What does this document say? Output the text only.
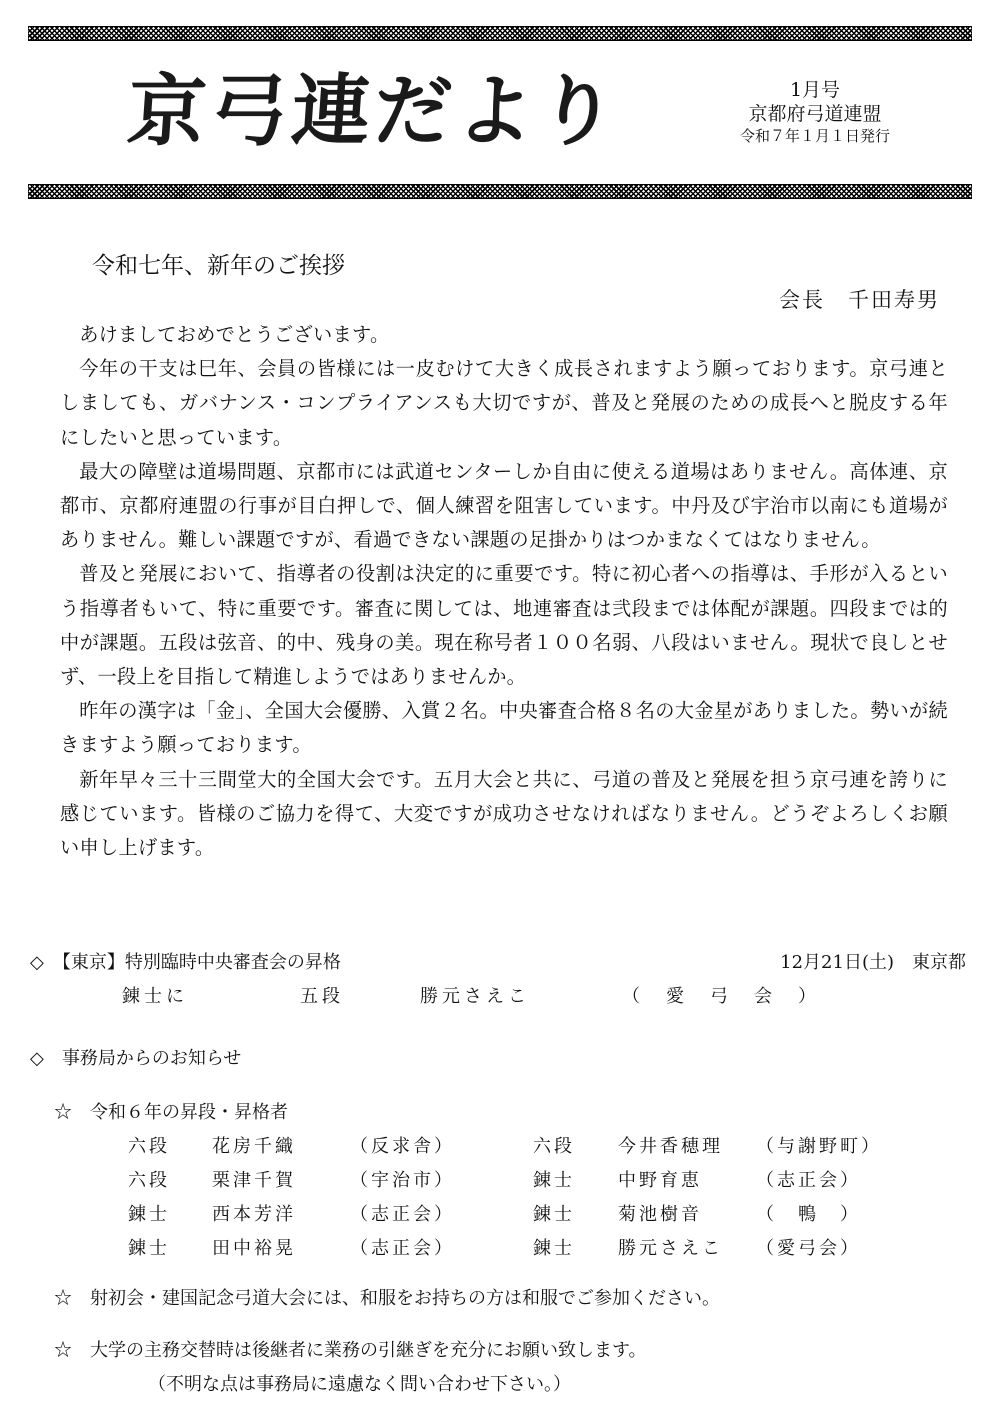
京弓連だより	1月号
京都府弓道連盟
令和７年１月１日発行
令和七年、新年のご挨拶
会長　千田寿男

あけましておめでとうございます。

今年の干支は巳年、会員の皆様には一皮むけて大きく成長されますよう願っております。京弓連としましても、ガバナンス・コンプライアンスも大切ですが、普及と発展のための成長へと脱皮する年にしたいと思っています。

最大の障壁は道場問題、京都市には武道センターしか自由に使える道場はありません。高体連、京都市、京都府連盟の行事が目白押しで、個人練習を阻害しています。中丹及び宇治市以南にも道場がありません。難しい課題ですが、看過できない課題の足掛かりはつかまなくてはなりません。

普及と発展において、指導者の役割は決定的に重要です。特に初心者への指導は、手形が入るという指導者もいて、特に重要です。審査に関しては、地連審査は弐段までは体配が課題。四段までは的中が課題。五段は弦音、的中、残身の美。現在称号者１００名弱、八段はいません。現状で良しとせず、一段上を目指して精進しようではありませんか。

昨年の漢字は「金」、全国大会優勝、入賞２名。中央審査合格８名の大金星がありました。勢いが続きますよう願っております。

新年早々三十三間堂大的全国大会です。五月大会と共に、弓道の普及と発展を担う京弓連を誇りに感じています。皆様のご協力を得て、大変ですが成功させなければなりません。どうぞよろしくお願い申し上げます。

◇　【東京】特別臨時中央審査会の昇格	12月21日(土)　東京都
錬士に	五段	勝元さえこ	（　愛　弓　会　）
◇　事務局からのお知らせ
☆　令和６年の昇段・昇格者
六段 花房千織	（反求舎）	六段 今井香穂理 （与謝野町）
六段 栗津千賀	（宇治市）	錬士 中野育恵	（志正会）
錬士 西本芳洋	（志正会）	錬士 菊池樹音	（　鴨　）
錬士 田中裕晃	（志正会）	錬士 勝元さえこ （愛弓会）
☆　射初会・建国記念弓道大会には、和服をお持ちの方は和服でご参加ください。
☆　大学の主務交替時は後継者に業務の引継ぎを充分にお願い致します。
（不明な点は事務局に遠慮なく問い合わせ下さい。）
